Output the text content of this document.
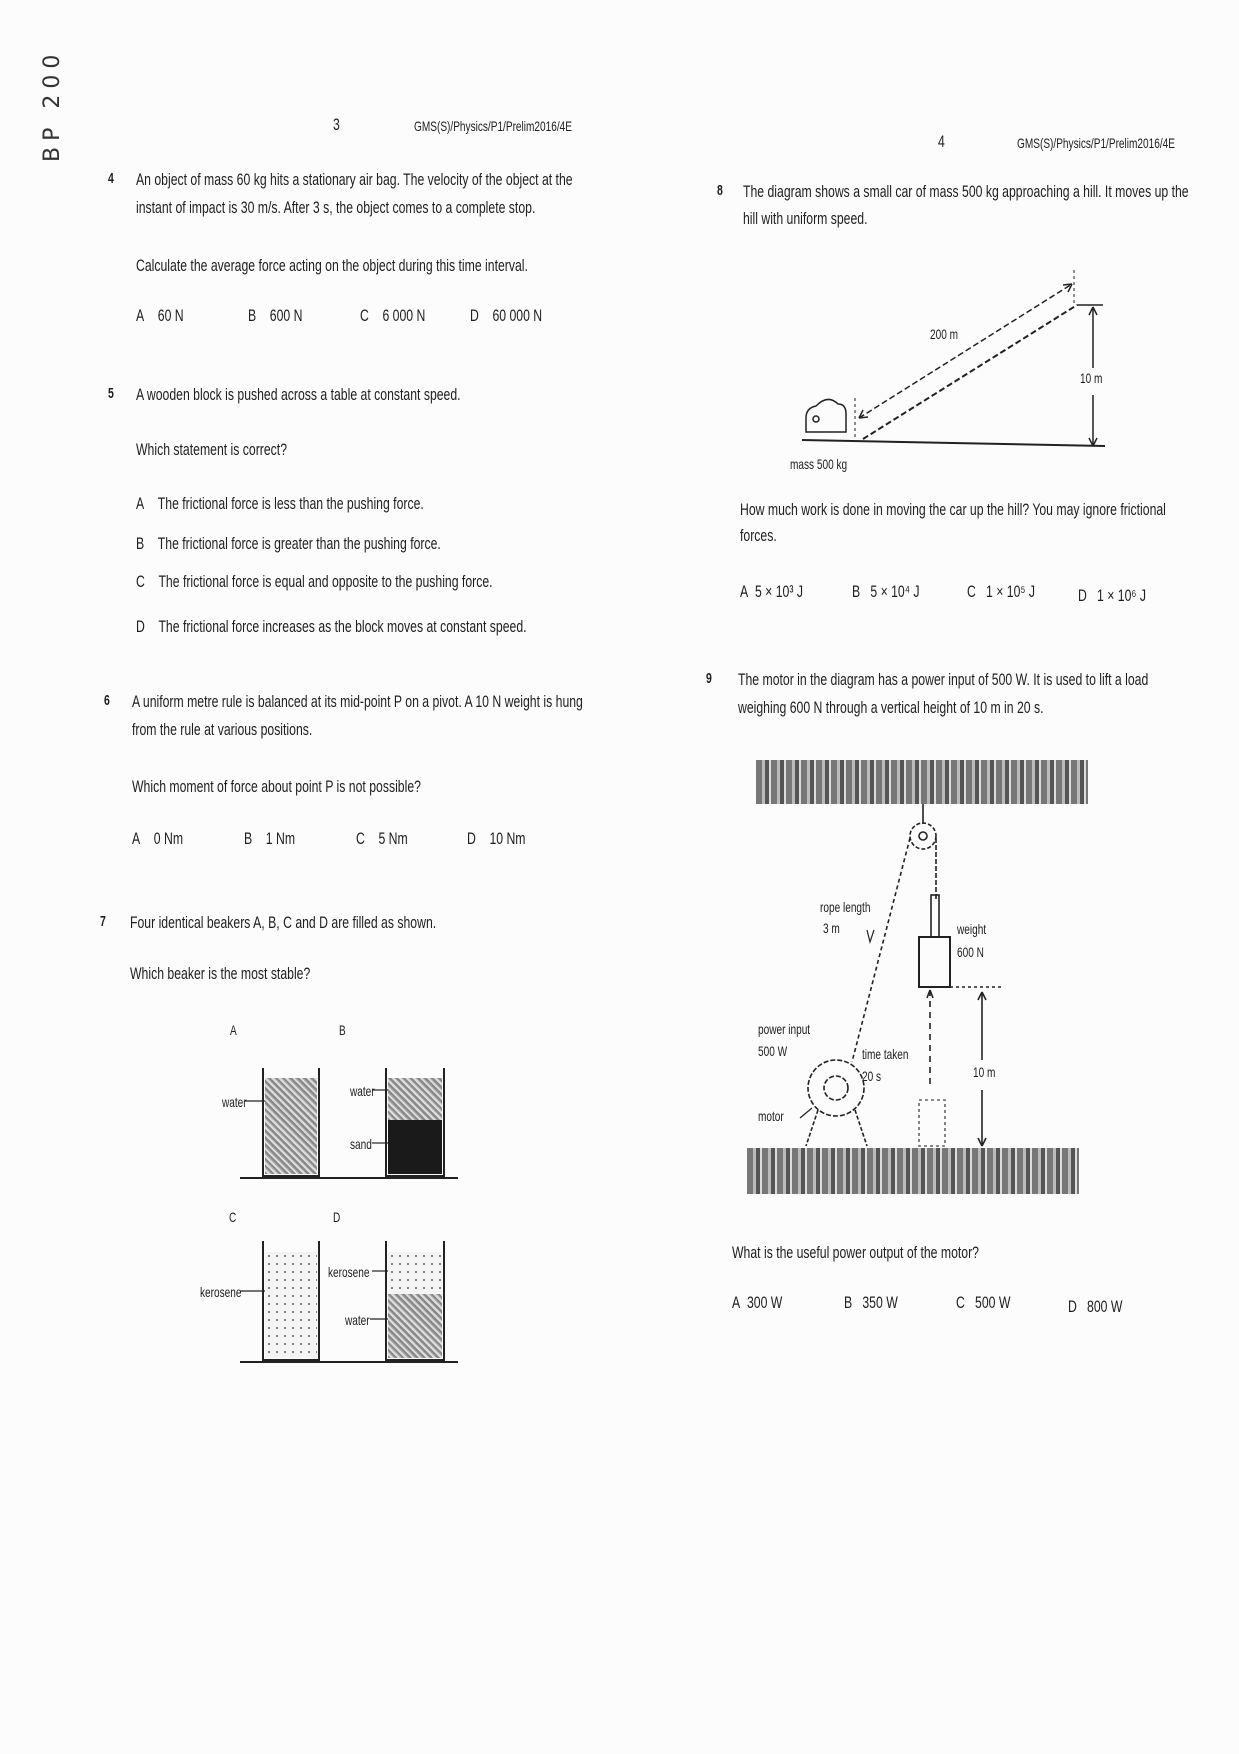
BP 200	3	GMS(S)/Physics/P1/Prelim2016/4E
4 An object of mass 60 kg hits a stationary air bag. The velocity of the object at the
instant of impact is 30 m/s. After 3 s, the object comes to a complete stop.
Calculate the average force acting on the object during this time interval.
A 60 N	B 600 N	C 6 000 N	D 60 000 N
5 A wooden block is pushed across a table at constant speed.
Which statement is correct?
A The frictional force is less than the pushing force.
B The frictional force is greater than the pushing force.
C The frictional force is equal and opposite to the pushing force.
D The frictional force increases as the block moves at constant speed.
6 A uniform metre rule is balanced at its mid-point P on a pivot. A 10 N weight is hung
from the rule at various positions.
Which moment of force about point P is not possible?
A 0 Nm	B 1 Nm	C 5 Nm	D 10 Nm
7 Four identical beakers A, B, C and D are filled as shown.
Which beaker is the most stable?
A	B
water
water
sand
C	D
kerosene
kerosene
water
4	GMS(S)/Physics/P1/Prelim2016/4E
8 The diagram shows a small car of mass 500 kg approaching a hill. It moves up the
hill with uniform speed.
200 m
10 m
mass 500 kg
How much work is done in moving the car up the hill? You may ignore frictional
forces.
A 5 × 10³ J	B 5 × 10⁴ J	C 1 × 10⁵ J	D 1 × 10⁶ J
9 The motor in the diagram has a power input of 500 W. It is used to lift a load
weighing 600 N through a vertical height of 10 m in 20 s.
rope length
3 m	weight
600 N
power input
500 W	time taken
20 s
motor
10 m
What is the useful power output of the motor?
A 300 W	B 350 W	C 500 W	D 800 W
